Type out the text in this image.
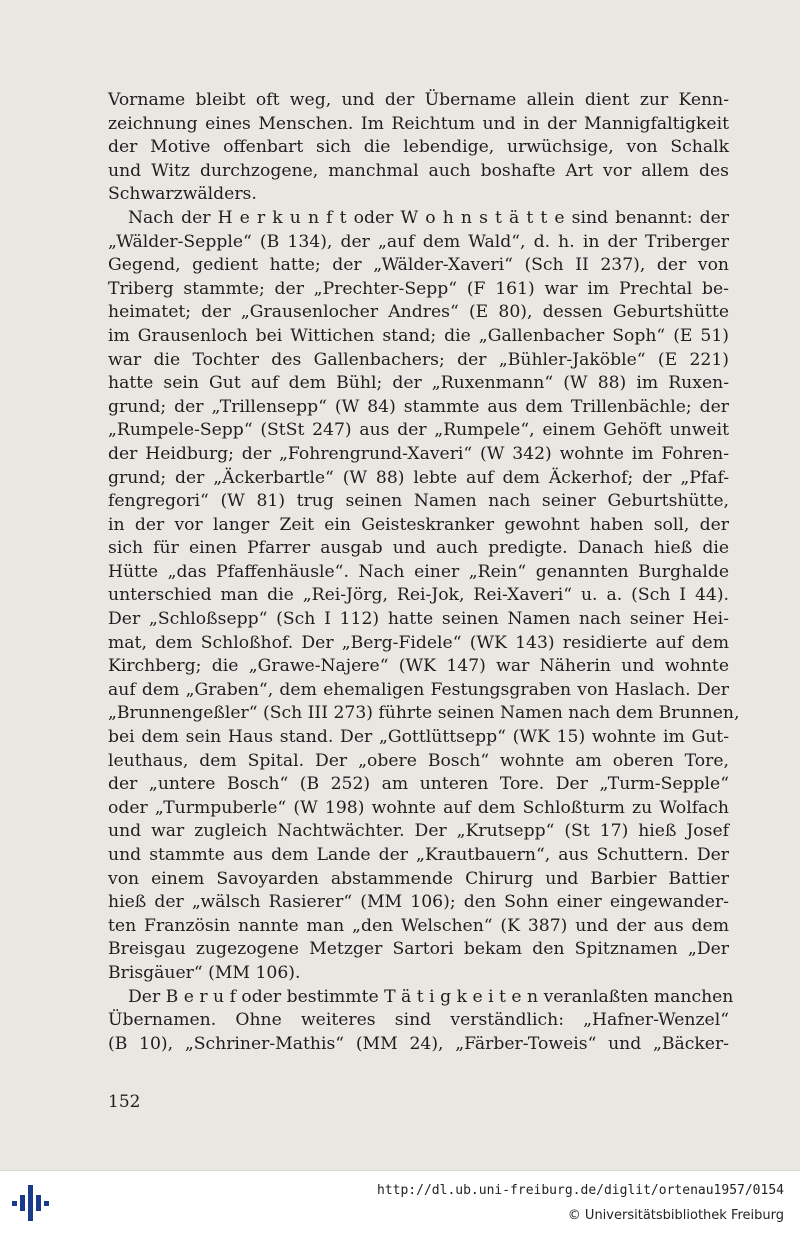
Vorname bleibt oft weg, und der Übername allein dient zur Kenn-
zeichnung eines Menschen. Im Reichtum und in der Mannigfaltigkeit
der Motive offenbart sich die lebendige, urwüchsige, von Schalk
und Witz durchzogene, manchmal auch boshafte Art vor allem des
Schwarzwälders.
Nach der H e r k u n f t oder W o h n s t ä t t e sind benannt: der
„Wälder-Sepple“ (B 134), der „auf dem Wald“, d. h. in der Triberger
Gegend, gedient hatte; der „Wälder-Xaveri“ (Sch II 237), der von
Triberg stammte; der „Prechter-Sepp“ (F 161) war im Prechtal be-
heimatet; der „Grausenlocher Andres“ (E 80), dessen Geburtshütte
im Grausenloch bei Wittichen stand; die „Gallenbacher Soph“ (E 51)
war die Tochter des Gallenbachers; der „Bühler-Jaköble“ (E 221)
hatte sein Gut auf dem Bühl; der „Ruxenmann“ (W 88) im Ruxen-
grund; der „Trillensepp“ (W 84) stammte aus dem Trillenbächle; der
„Rumpele-Sepp“ (StSt 247) aus der „Rumpele“, einem Gehöft unweit
der Heidburg; der „Fohrengrund-Xaveri“ (W 342) wohnte im Fohren-
grund; der „Äckerbartle“ (W 88) lebte auf dem Äckerhof; der „Pfaf-
fengregori“ (W 81) trug seinen Namen nach seiner Geburtshütte,
in der vor langer Zeit ein Geisteskranker gewohnt haben soll, der
sich für einen Pfarrer ausgab und auch predigte. Danach hieß die
Hütte „das Pfaffenhäusle“. Nach einer „Rein“ genannten Burghalde
unterschied man die „Rei-Jörg, Rei-Jok, Rei-Xaveri“ u. a. (Sch I 44).
Der „Schloßsepp“ (Sch I 112) hatte seinen Namen nach seiner Hei-
mat, dem Schloßhof. Der „Berg-Fidele“ (WK 143) residierte auf dem
Kirchberg; die „Grawe-Najere“ (WK 147) war Näherin und wohnte
auf dem „Graben“, dem ehemaligen Festungsgraben von Haslach. Der
„Brunnengeßler“ (Sch III 273) führte seinen Namen nach dem Brunnen,
bei dem sein Haus stand. Der „Gottlüttsepp“ (WK 15) wohnte im Gut-
leuthaus, dem Spital. Der „obere Bosch“ wohnte am oberen Tore,
der „untere Bosch“ (B 252) am unteren Tore. Der „Turm-Sepple“
oder „Turmpuberle“ (W 198) wohnte auf dem Schloßturm zu Wolfach
und war zugleich Nachtwächter. Der „Krutsepp“ (St 17) hieß Josef
und stammte aus dem Lande der „Krautbauern“, aus Schuttern. Der
von einem Savoyarden abstammende Chirurg und Barbier Battier
hieß der „wälsch Rasierer“ (MM 106); den Sohn einer eingewander-
ten Französin nannte man „den Welschen“ (K 387) und der aus dem
Breisgau zugezogene Metzger Sartori bekam den Spitznamen „Der
Brisgäuer“ (MM 106).
Der B e r u f oder bestimmte T ä t i g k e i t e n veranlaßten manchen
Übernamen. Ohne weiteres sind verständlich: „Hafner-Wenzel“
(B 10), „Schriner-Mathis“ (MM 24), „Färber-Toweis“ und „Bäcker-
152
http://dl.ub.uni-freiburg.de/diglit/ortenau1957/0154
© Universitätsbibliothek Freiburg
